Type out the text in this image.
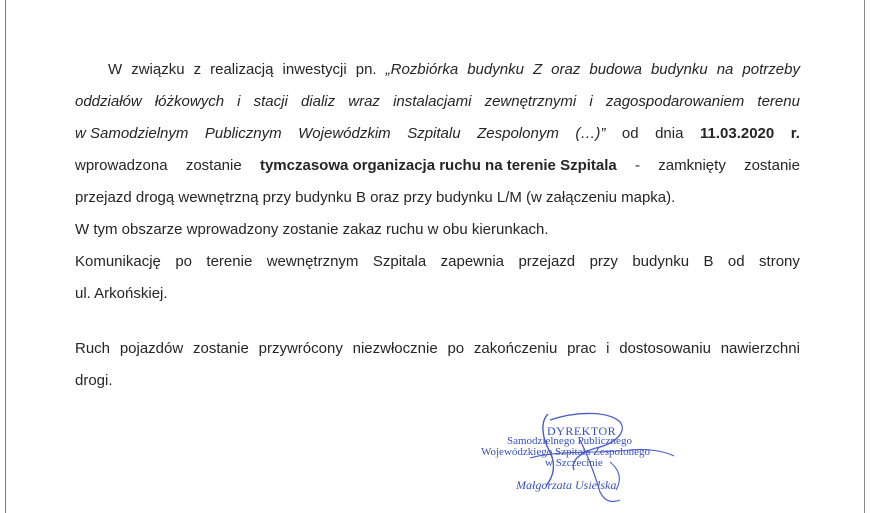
W związku z realizacją inwestycji pn. „Rozbiórka budynku Z oraz budowa budynku na potrzeby
oddziałów łóżkowych i stacji dializ wraz instalacjami zewnętrznymi i zagospodarowaniem terenu
w Samodzielnym Publicznym Wojewódzkim Szpitalu Zespolonym (…)” od dnia 11.03.2020 r.
wprowadzona zostanie tymczasowa organizacja ruchu na terenie Szpitala - zamknięty zostanie
przejazd drogą wewnętrzną przy budynku B oraz przy budynku L/M (w załączeniu mapka).
W tym obszarze wprowadzony zostanie zakaz ruchu w obu kierunkach.
Komunikację po terenie wewnętrznym Szpitala zapewnia przejazd przy budynku B od strony
ul. Arkońskiej.
Ruch pojazdów zostanie przywrócony niezwłocznie po zakończeniu prac i dostosowaniu nawierzchni
drogi.
DYREKTOR
Samodzielnego Publicznego
Wojewódzkiego Szpitala Zespolonego
w Szczecinie
Małgorzata Usielska
